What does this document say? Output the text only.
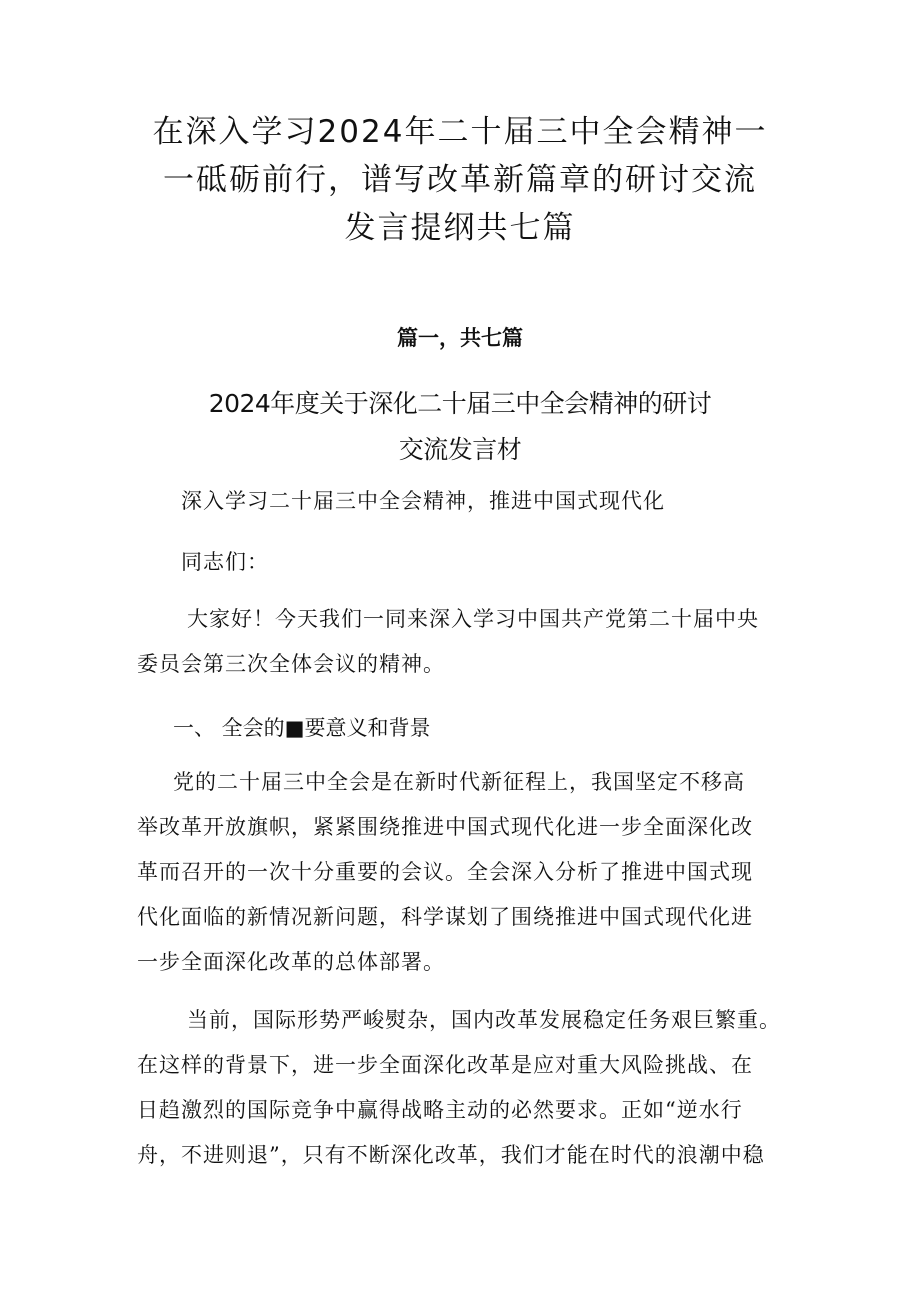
在深入学习2024年二十届三中全会精神一
一砥砺前行，谱写改革新篇章的研讨交流
发言提纲共七篇
篇一，共七篇
2024年度关于深化二十届三中全会精神的研讨
交流发言材

深入学习二十届三中全会精神，推进中国式现代化

同志们：

大家好！今天我们一同来深入学习中国共产党第二十届中央
委员会第三次全体会议的精神。

一、 全会的■要意义和背景

党的二十届三中全会是在新时代新征程上，我国坚定不移高
举改革开放旗帜，紧紧围绕推进中国式现代化进一步全面深化改
革而召开的一次十分重要的会议。全会深入分析了推进中国式现
代化面临的新情况新问题，科学谋划了围绕推进中国式现代化进
一步全面深化改革的总体部署。

当前，国际形势严峻熨杂，国内改革发展稳定任务艰巨繁重。
在这样的背景下，进一步全面深化改革是应对重大风险挑战、在
日趋激烈的国际竞争中赢得战略主动的必然要求。正如“逆水行
舟，不进则退”，只有不断深化改革，我们才能在时代的浪潮中稳
